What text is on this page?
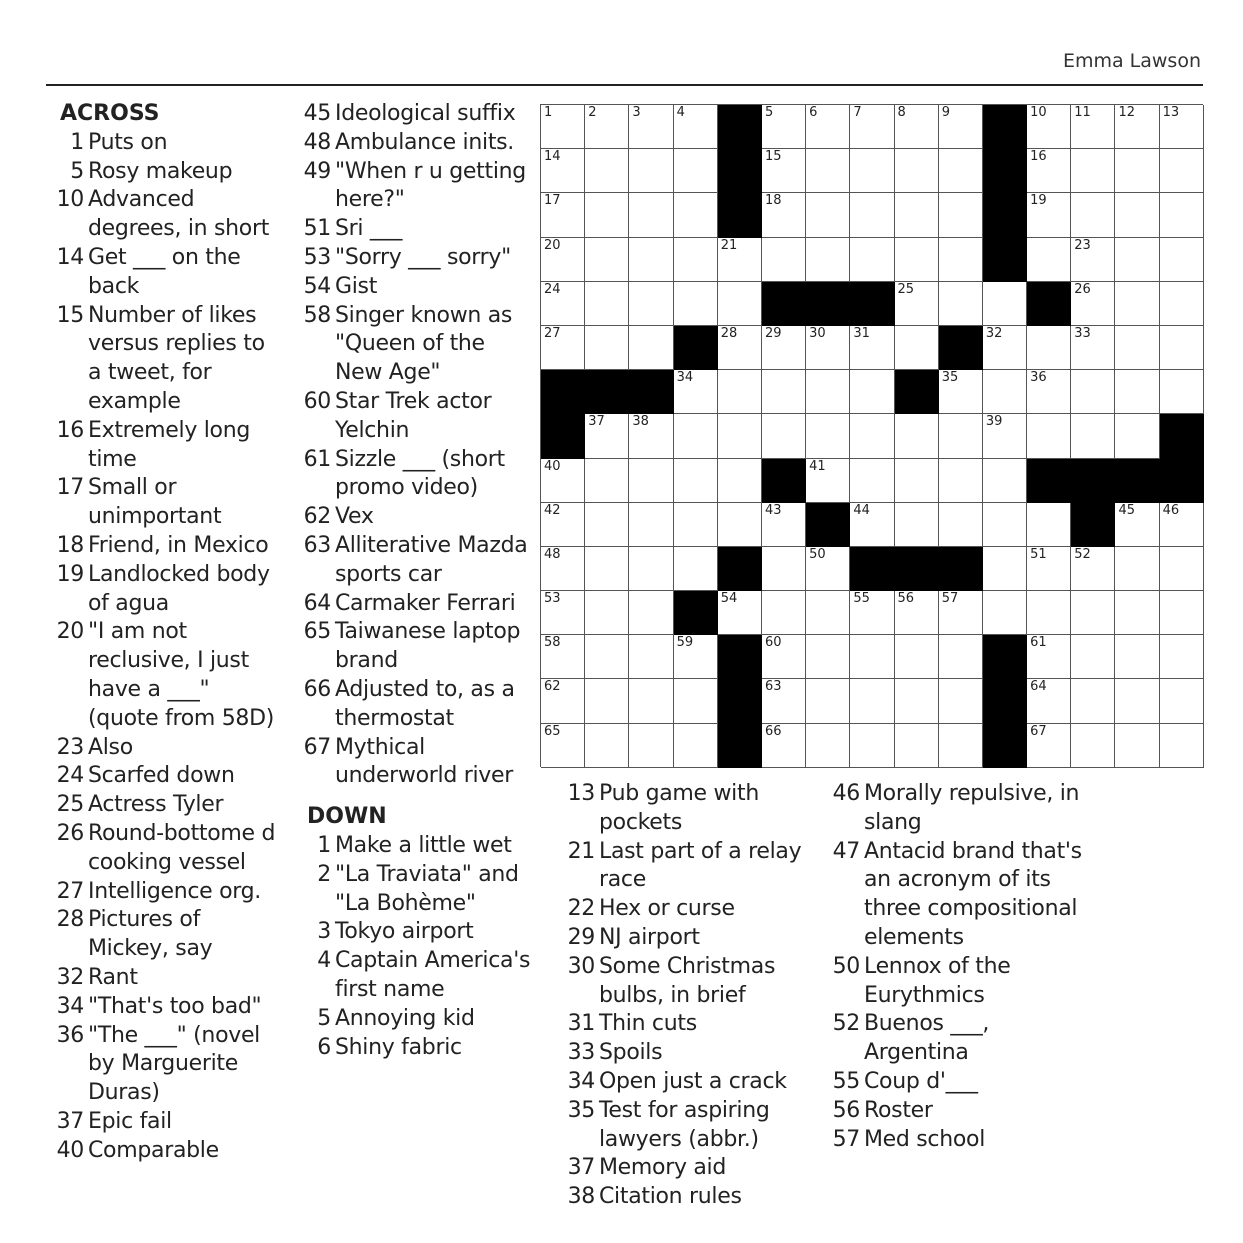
Emma Lawson
ACROSS
1 Puts on
5 Rosy makeup
10 Advanced degrees, in short
14 Get ___ on the back
15 Number of likes versus replies to a tweet, for example
16 Extremely long time
17 Small or unimportant
18 Friend, in Mexico
19 Landlocked body of agua
20 "I am not reclusive, I just have a ___" (quote from 58D)
23 Also
24 Scarfed down
25 Actress Tyler
26 Round-bottome d cooking vessel
27 Intelligence org.
28 Pictures of Mickey, say
32 Rant
34 "That's too bad"
36 "The ___" (novel by Marguerite Duras)
37 Epic fail
40 Comparable
45 Ideological suffix
48 Ambulance inits.
49 "When r u getting here?"
51 Sri ___
53 "Sorry ___ sorry"
54 Gist
58 Singer known as "Queen of the New Age"
60 Star Trek actor Yelchin
61 Sizzle ___ (short promo video)
62 Vex
63 Alliterative Mazda sports car
64 Carmaker Ferrari
65 Taiwanese laptop brand
66 Adjusted to, as a thermostat
67 Mythical underworld river
DOWN
1 Make a little wet
2 "La Traviata" and "La Bohème"
3 Tokyo airport
4 Captain America's first name
5 Annoying kid
6 Shiny fabric
13 Pub game with pockets
21 Last part of a relay race
22 Hex or curse
29 NJ airport
30 Some Christmas bulbs, in brief
31 Thin cuts
33 Spoils
34 Open just a crack
35 Test for aspiring lawyers (abbr.)
37 Memory aid
38 Citation rules
46 Morally repulsive, in slang
47 Antacid brand that's an acronym of its three compositional elements
50 Lennox of the Eurythmics
52 Buenos ___, Argentina
55 Coup d'___
56 Roster
57 Med school
1	2	3	4	5	6	7	8	9	10 11 12 13
14	15	16
17	18	19
20	21	23
24	25	26
27	28 29 30 31	32	33
34	35	36
37 38	39
40	41
42	43	44	45 46
48	50	51 52
53	54	55 56 57
58	59	60	61
62	63	64
65	66	67
